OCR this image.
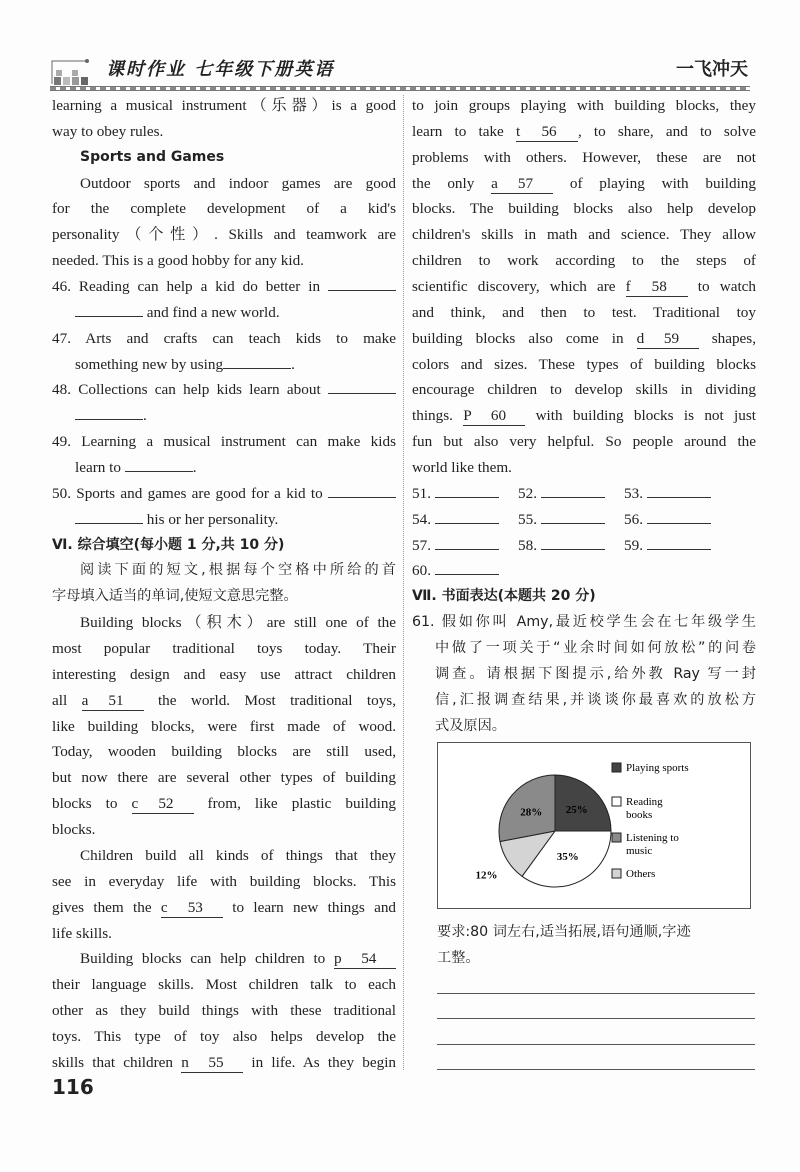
课时作业 七年级下册英语	一飞冲天
learning a musical instrument（乐器）is a good
way to obey rules.
Sports and Games
Outdoor sports and indoor games are good
for the complete development of a kid's
personality（个性）. Skills and teamwork are
needed. This is a good hobby for any kid.
46. Reading can help a kid do better in
and find a new world.
47. Arts and crafts can teach kids to make
something new by using	.
48. Collections can help kids learn about
.
49. Learning a musical instrument can make kids
learn to	.
50. Sports and games are good for a kid to
his or her personality.
Ⅵ. 综合填空(每小题 1 分,共 10 分)
阅读下面的短文,根据每个空格中所给的首
字母填入适当的单词,使短文意思完整。
Building blocks（积木）are still one of the
most popular traditional toys today. Their
interesting design and easy use attract children
all a	51	the world. Most traditional toys,
like building blocks, were first made of wood.
Today, wooden building blocks are still used,
but now there are several other types of building
blocks to c	52	from, like plastic building
blocks.
Children build all kinds of things that they
see in everyday life with building blocks. This
gives them the c	53	to learn new things and
life skills.
Building blocks can help children to p	54
their language skills. Most children talk to each
other as they build things with these traditional
toys. This type of toy also helps develop the
skills that children n	55	in life. As they begin
to join groups playing with building blocks, they
learn to take t	56	, to share, and to solve
problems with others. However, these are not
the only a	57	of playing with building
blocks. The building blocks also help develop
children's skills in math and science. They allow
children to work according to the steps of
scientific discovery, which are f	58	to watch
and think, and then to test. Traditional toy
building blocks also come in d	59	shapes,
colors and sizes. These types of building blocks
encourage children to develop skills in dividing
things. P	60	with building blocks is not just
fun but also very helpful. So people around the
world like them.
51.	52.	53.
54.	55.	56.
57.	58.	59.
60.
Ⅶ. 书面表达(本题共 20 分)
61. 假如你叫 Amy,最近校学生会在七年级学生
中做了一项关于“业余时间如何放松”的问卷
调查。请根据下图提示,给外教 Ray 写一封
信,汇报调查结果,并谈谈你最喜欢的放松方
式及原因。
25%
35%
12%
28%
Playing sports
Reading
books
Listening to
music
Others
要求:80 词左右,适当拓展,语句通顺,字迹
工整。
116
